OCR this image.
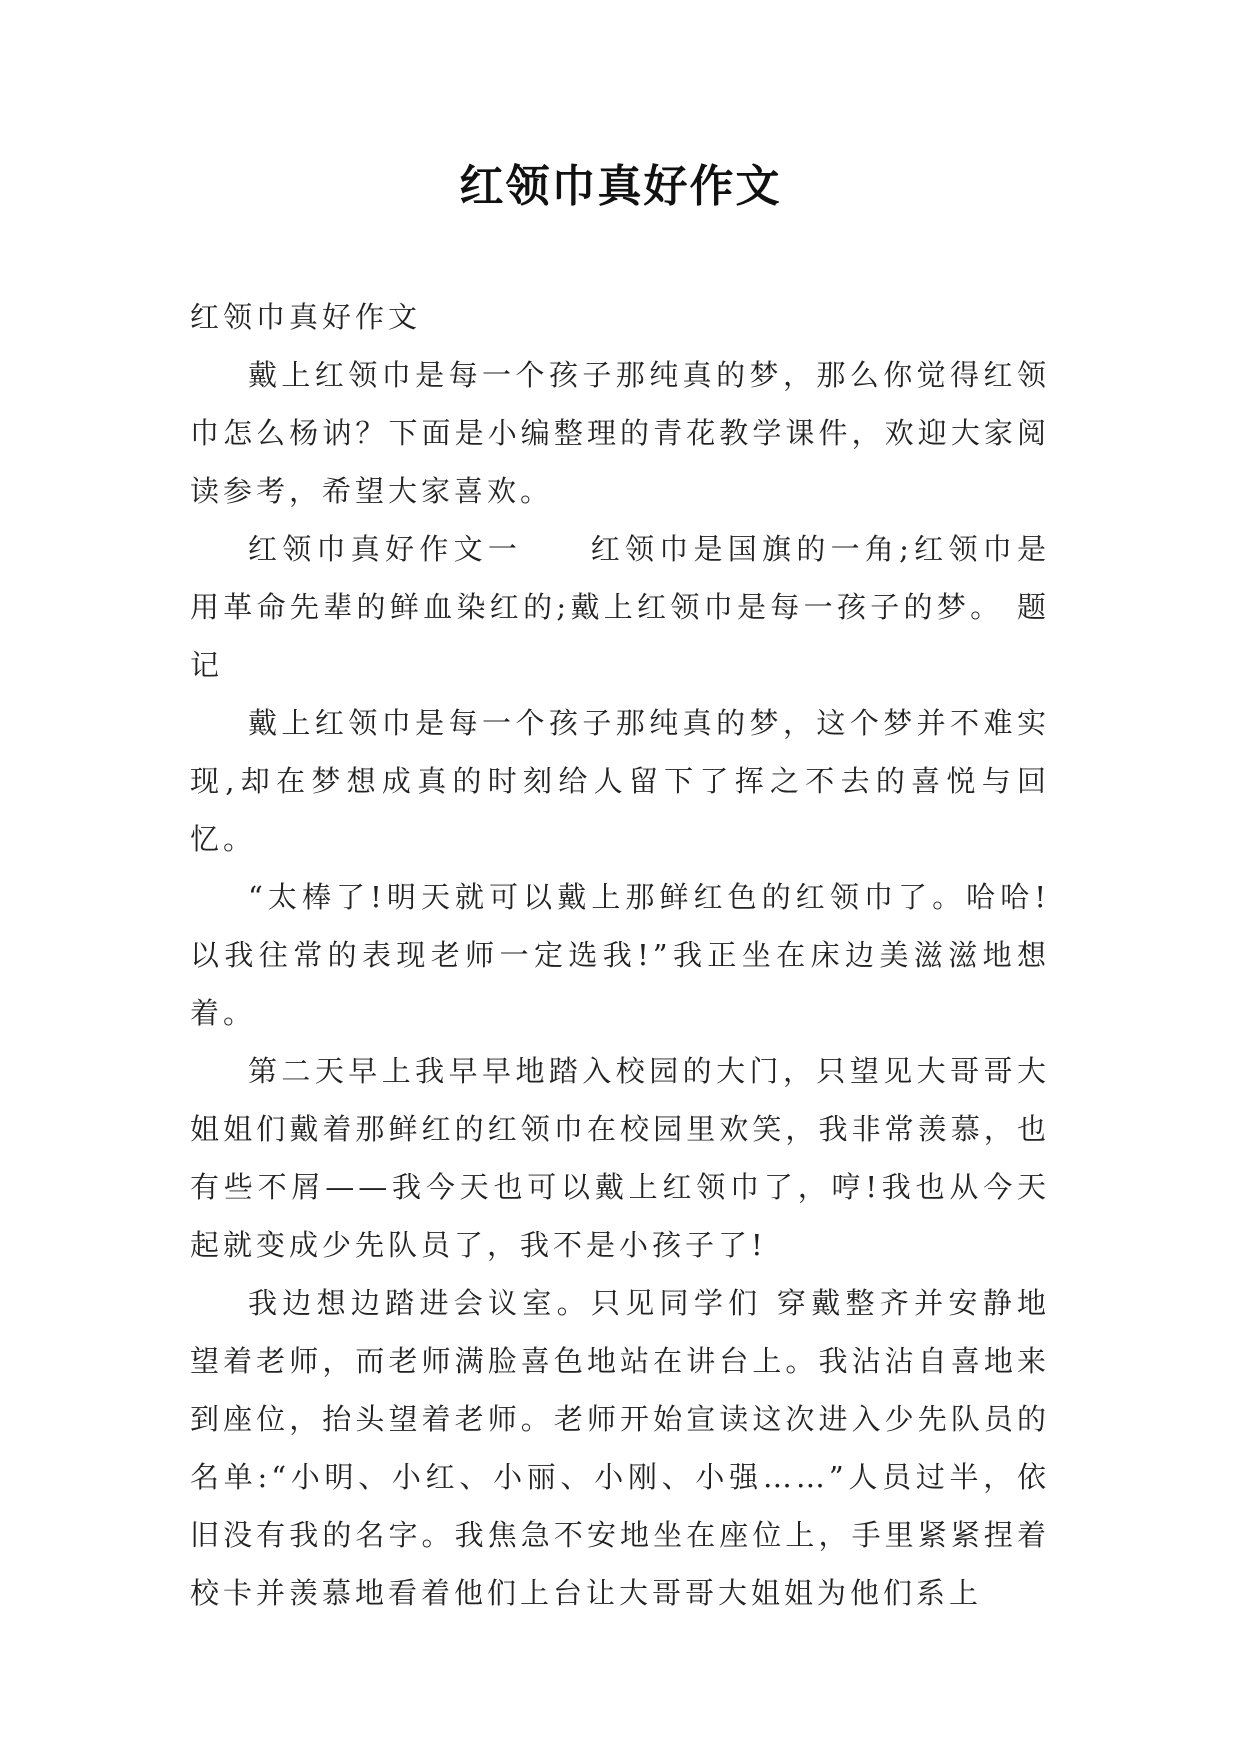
红领巾真好作文

红领巾真好作文

戴上红领巾是每一个孩子那纯真的梦，那么你觉得红领巾怎么杨讷？下面是小编整理的青花教学课件，欢迎大家阅读参考，希望大家喜欢。

红领巾真好作文一　　红领巾是国旗的一角;红领巾是用革命先辈的鲜血染红的;戴上红领巾是每一孩子的梦。 题记

戴上红领巾是每一个孩子那纯真的梦，这个梦并不难实现,却在梦想成真的时刻给人留下了挥之不去的喜悦与回忆。

“太棒了!明天就可以戴上那鲜红色的红领巾了。哈哈!以我往常的表现老师一定选我!”我正坐在床边美滋滋地想着。

第二天早上我早早地踏入校园的大门，只望见大哥哥大姐姐们戴着那鲜红的红领巾在校园里欢笑，我非常羡慕，也有些不屑——我今天也可以戴上红领巾了，哼!我也从今天起就变成少先队员了，我不是小孩子了!

我边想边踏进会议室。只见同学们 穿戴整齐并安静地望着老师，而老师满脸喜色地站在讲台上。我沾沾自喜地来到座位，抬头望着老师。老师开始宣读这次进入少先队员的名单:“小明、小红、小丽、小刚、小强……”人员过半，依旧没有我的名字。我焦急不安地坐在座位上，手里紧紧捏着校卡并羡慕地看着他们上台让大哥哥大姐姐为他们系上
